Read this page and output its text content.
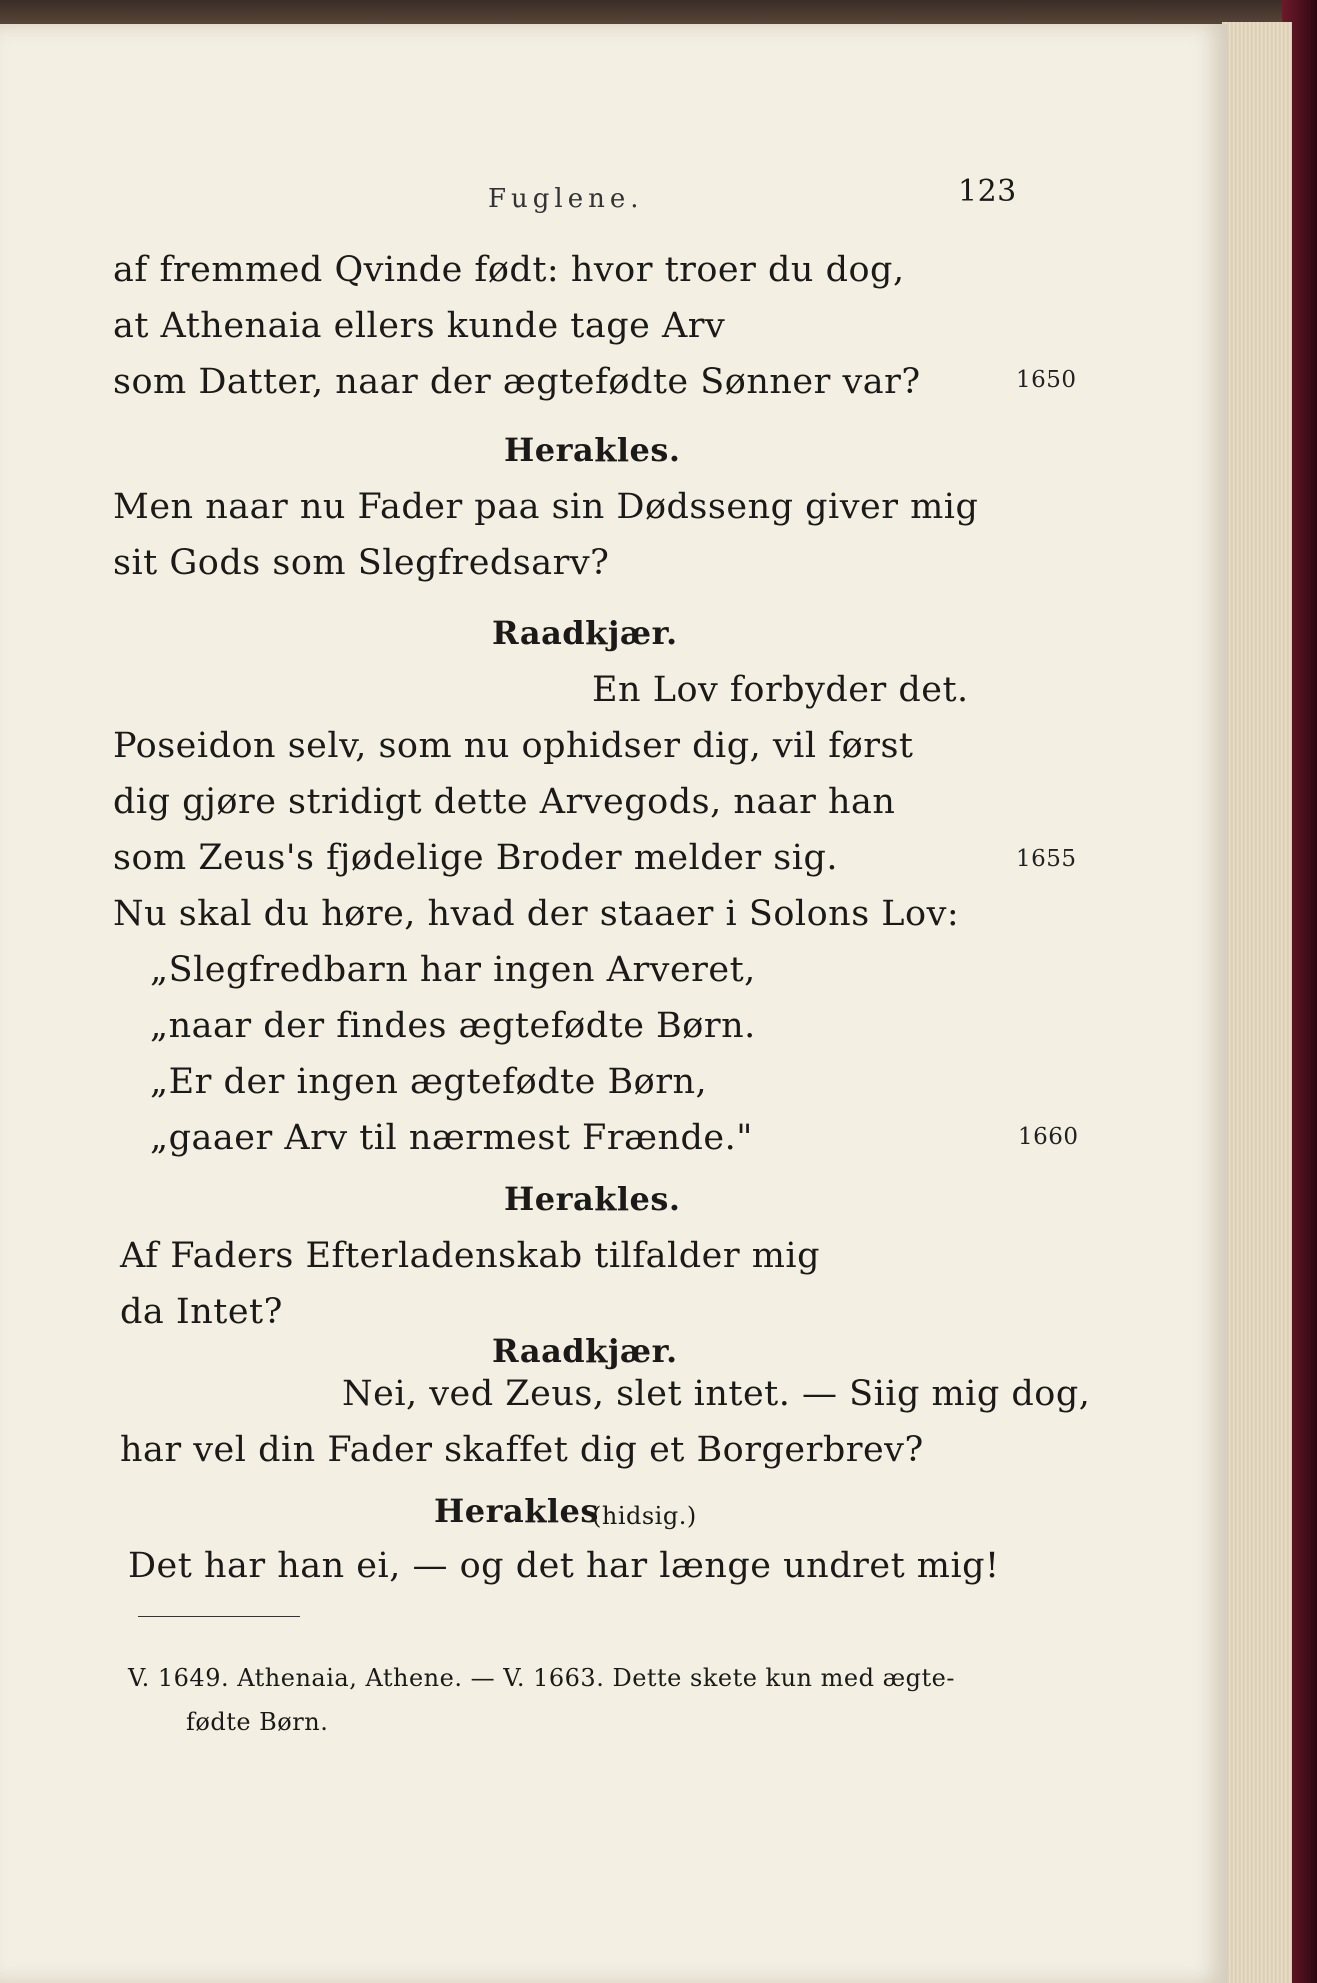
Fuglene.	123
af fremmed Qvinde født: hvor troer du dog,
at Athenaia ellers kunde tage Arv
som Datter, naar der ægtefødte Sønner var?	1650
Herakles.
Men naar nu Fader paa sin Dødsseng giver mig
sit Gods som Slegfredsarv?
Raadkjær.
En Lov forbyder det.
Poseidon selv, som nu ophidser dig, vil først
dig gjøre stridigt dette Arvegods, naar han
som Zeus's fjødelige Broder melder sig.	1655
Nu skal du høre, hvad der staaer i Solons Lov:
„Slegfredbarn har ingen Arveret,
„naar der findes ægtefødte Børn.
„Er der ingen ægtefødte Børn,
„gaaer Arv til nærmest Frænde."	1660
Herakles.
Af Faders Efterladenskab tilfalder mig
da Intet?
Raadkjær.
Nei, ved Zeus, slet intet. — Siig mig dog,
har vel din Fader skaffet dig et Borgerbrev?
Herakles
(hidsig.)
Det har han ei, — og det har længe undret mig!
V. 1649. Athenaia, Athene. — V. 1663. Dette skete kun med ægte-
fødte Børn.
